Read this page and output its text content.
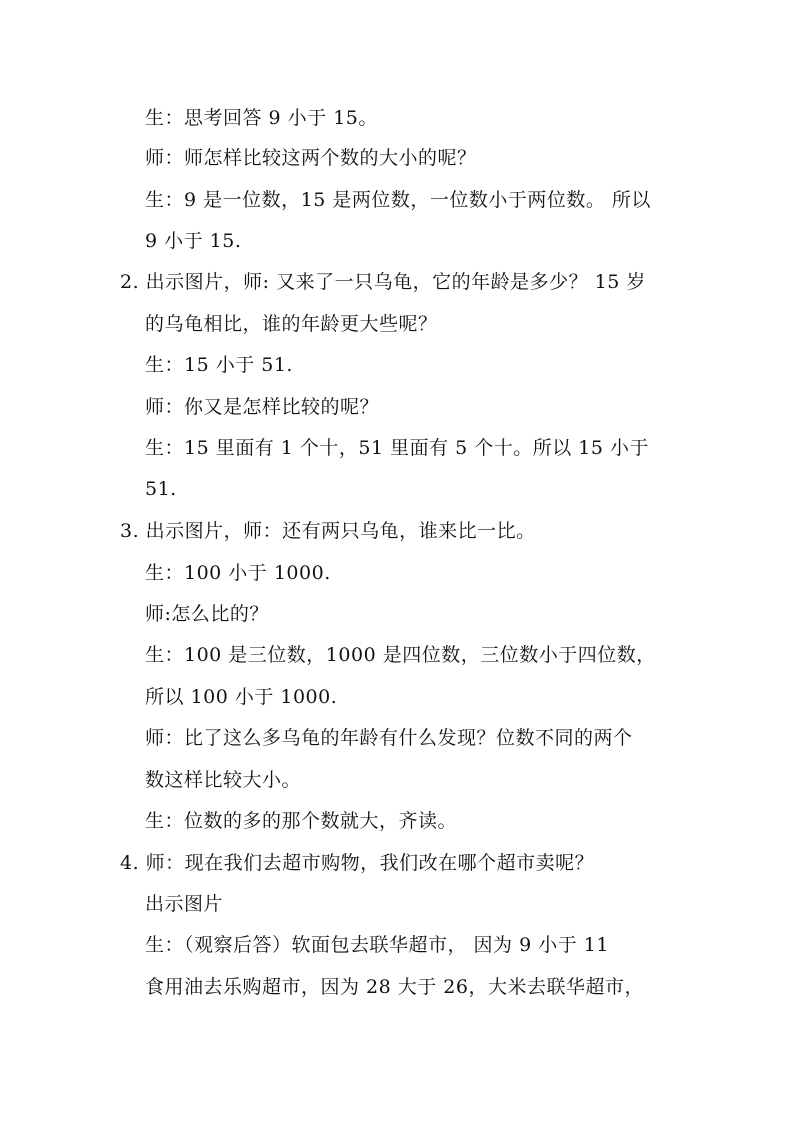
生：思考回答 9 小于 15。
师：师怎样比较这两个数的大小的呢？
生：9 是一位数，15 是两位数，一位数小于两位数。 所以
9 小于 15.
2. 出示图片，师: 又来了一只乌龟，它的年龄是多少？ 15 岁
的乌龟相比，谁的年龄更大些呢？
生：15 小于 51.
师：你又是怎样比较的呢？
生：15 里面有 1 个十，51 里面有 5 个十。所以 15 小于
51.
3. 出示图片，师：还有两只乌龟，谁来比一比。
生：100 小于 1000.
师:怎么比的？
生：100 是三位数，1000 是四位数，三位数小于四位数，
所以 100 小于 1000.
师：比了这么多乌龟的年龄有什么发现？位数不同的两个
数这样比较大小。
生：位数的多的那个数就大，齐读。
4. 师：现在我们去超市购物，我们改在哪个超市卖呢？
出示图片
生：（观察后答）软面包去联华超市， 因为 9 小于 11
食用油去乐购超市，因为 28 大于 26，大米去联华超市，
